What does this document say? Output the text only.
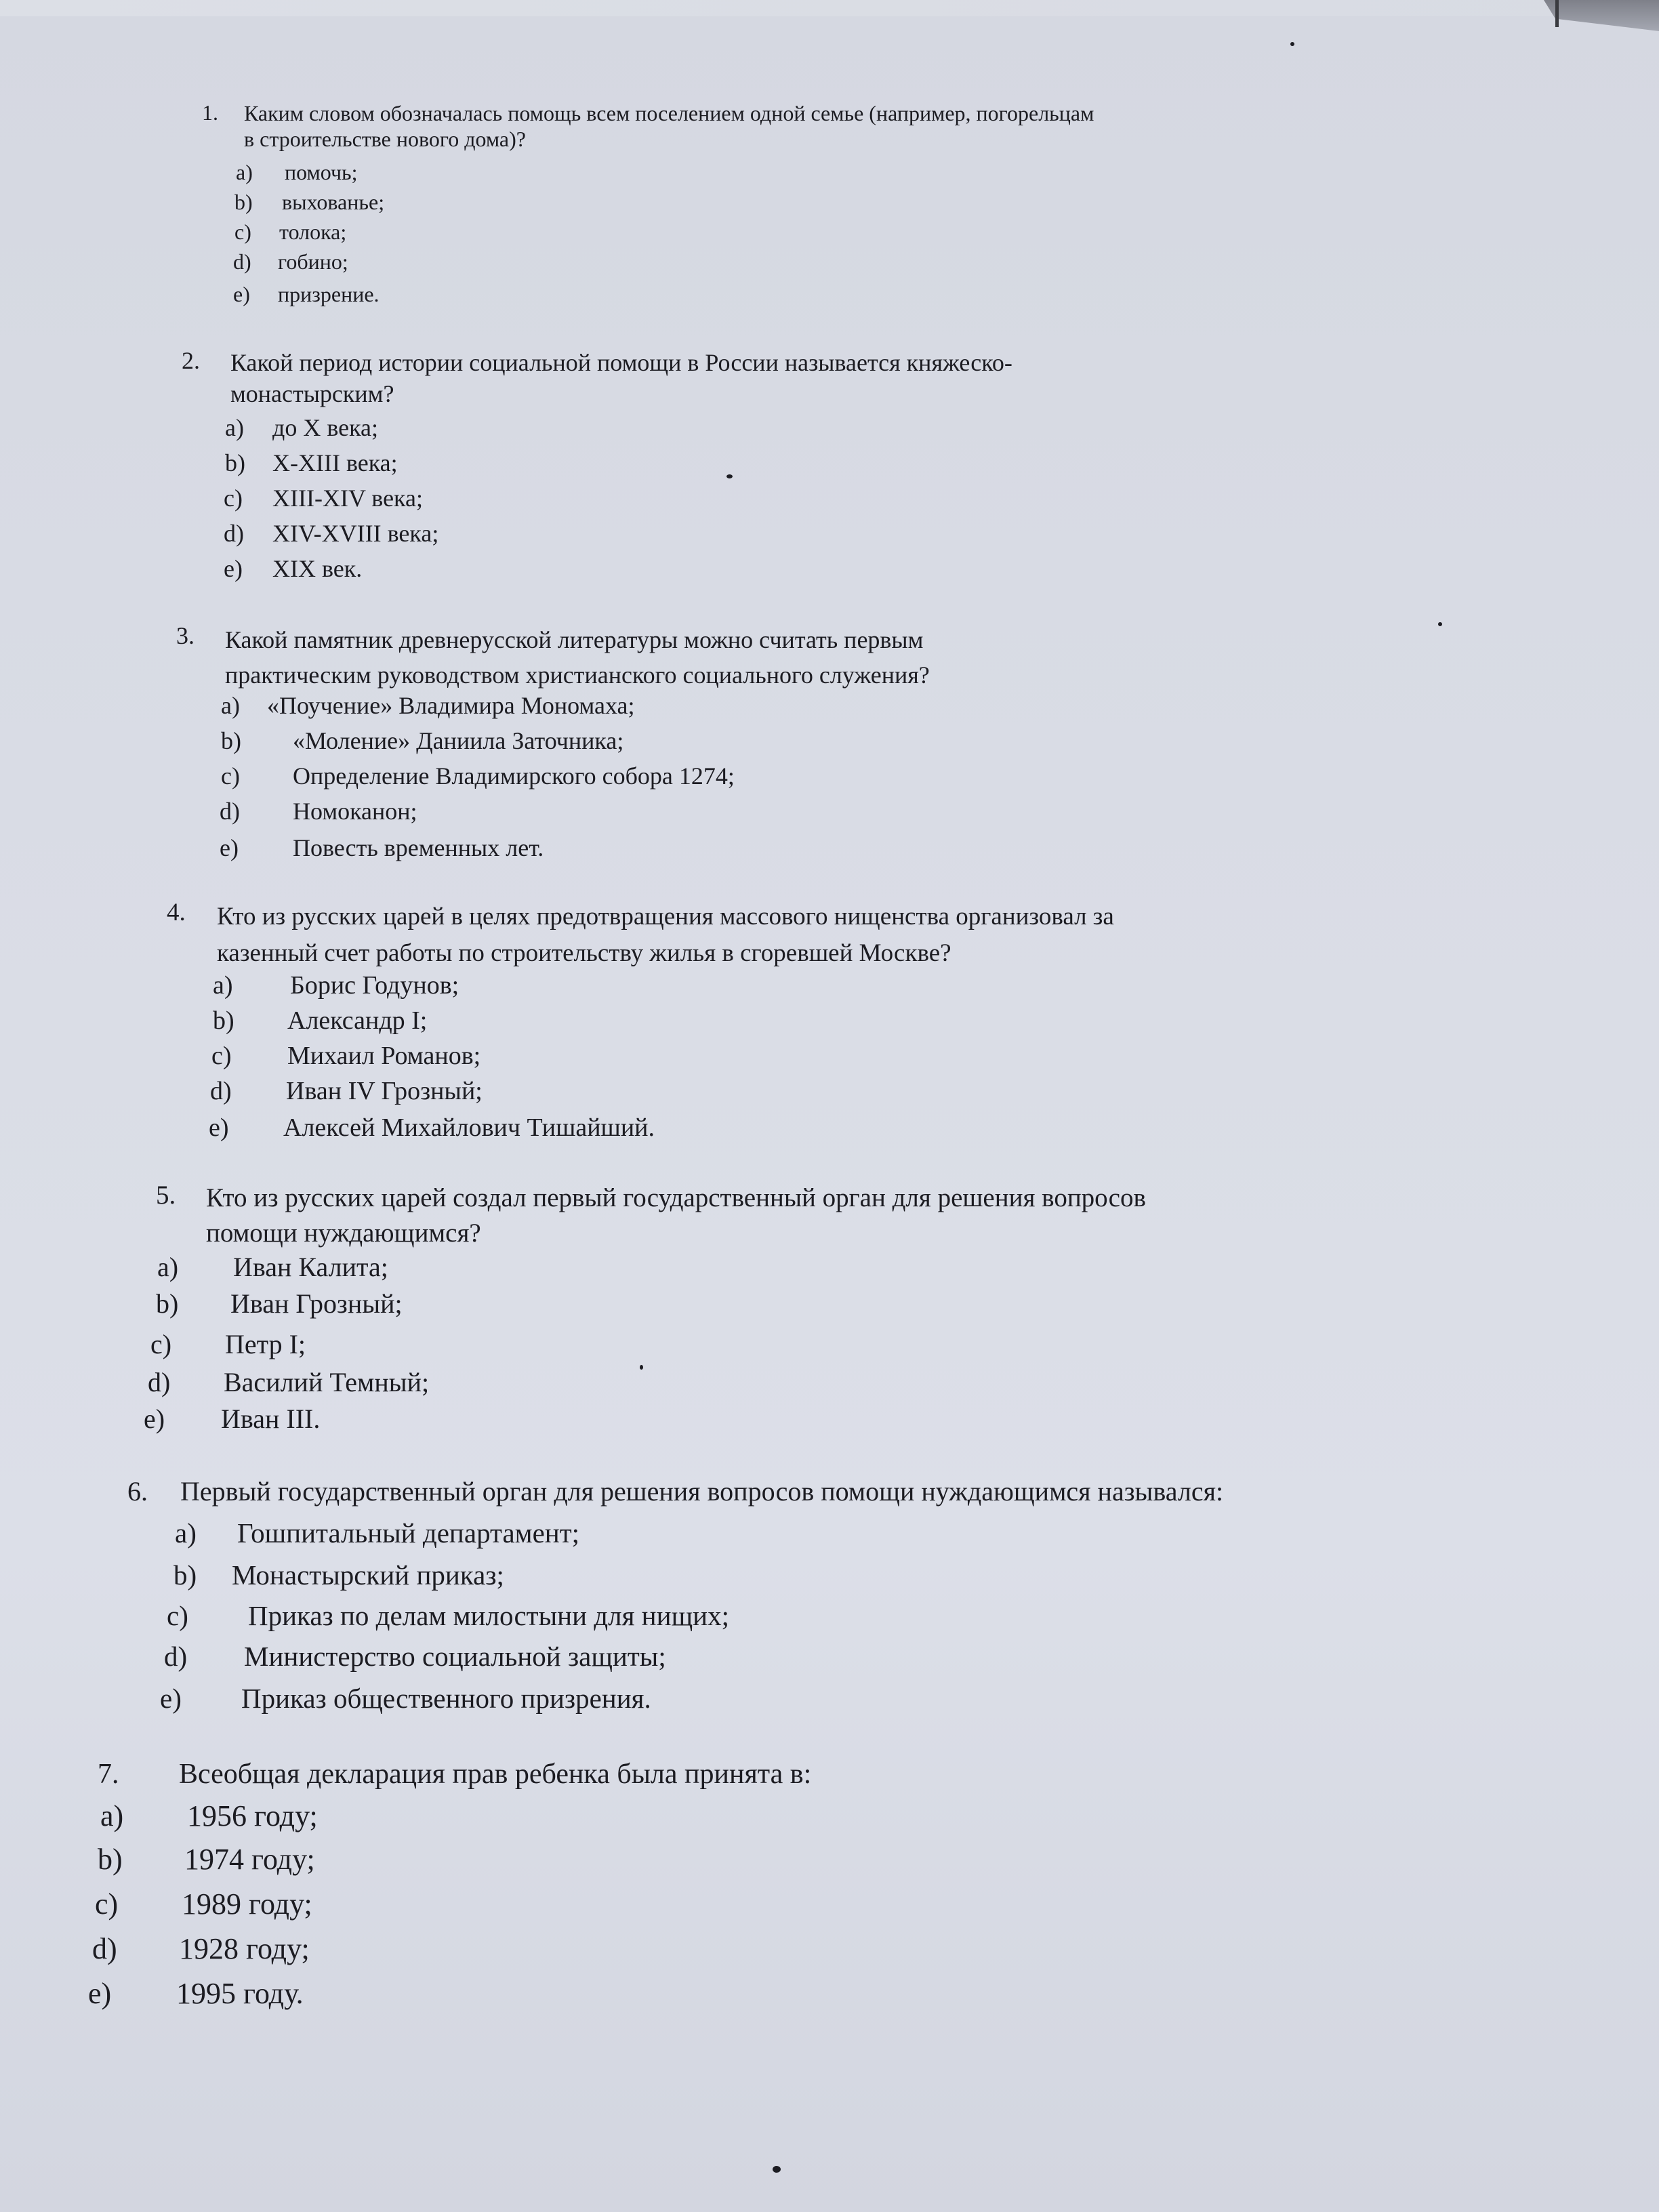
1. Каким словом обозначалась помощь всем поселением одной семье (например, погорельцам
в строительстве нового дома)?
a) помочь;
b) выхованье;
c) толока;
d) гобино;
e) призрение.
2. Какой период истории социальной помощи в России называется княжеско-
монастырским?
a) до X века;
b) X-XIII века;
c) XIII-XIV века;
d) XIV-XVIII века;
e) XIX век.
3. Какой памятник древнерусской литературы можно считать первым
практическим руководством христианского социального служения?
a) «Поучение» Владимира Мономаха;
b) «Моление» Даниила Заточника;
c) Определение Владимирского собора 1274;
d) Номоканон;
e) Повесть временных лет.
4. Кто из русских царей в целях предотвращения массового нищенства организовал за
казенный счет работы по строительству жилья в сгоревшей Москве?
a) Борис Годунов;
b) Александр I;
c) Михаил Романов;
d) Иван IV Грозный;
e) Алексей Михайлович Тишайший.
5. Кто из русских царей создал первый государственный орган для решения вопросов
помощи нуждающимся?
a) Иван Калита;
b) Иван Грозный;
c) Петр I;
d) Василий Темный;
e) Иван III.
6. Первый государственный орган для решения вопросов помощи нуждающимся назывался:
a) Гошпитальный департамент;
b) Монастырский приказ;
c) Приказ по делам милостыни для нищих;
d) Министерство социальной защиты;
e) Приказ общественного призрения.
7. Всеобщая декларация прав ребенка была принята в:
a) 1956 году;
b) 1974 году;
c) 1989 году;
d) 1928 году;
e) 1995 году.
